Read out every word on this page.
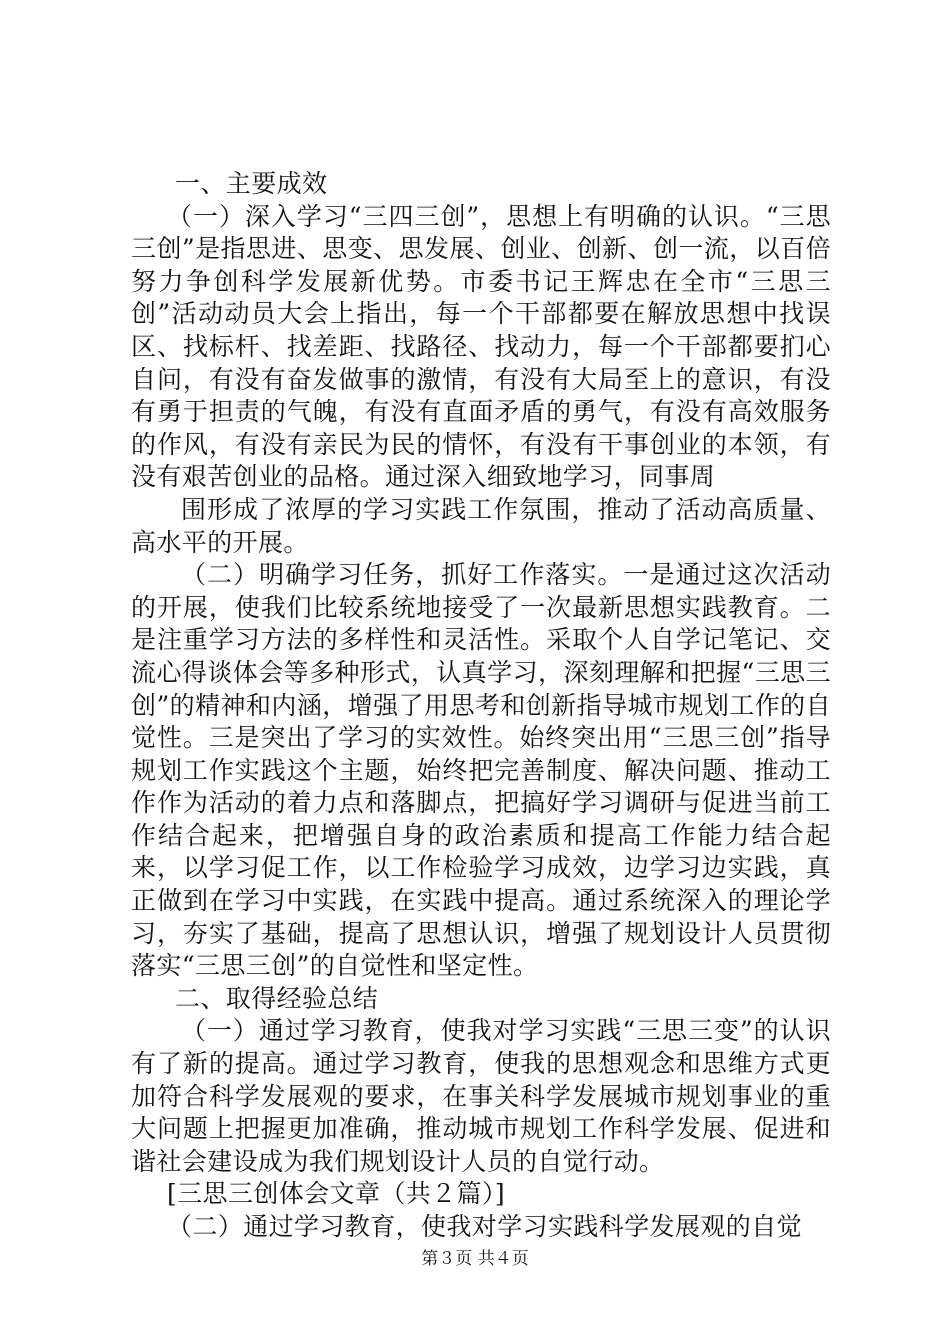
一、主要成效

（一）深入学习“三四三创”，思想上有明确的认识。“三思三创”是指思进、思变、思发展、创业、创新、创一流，以百倍努力争创科学发展新优势。市委书记王辉忠在全市“三思三创”活动动员大会上指出，每一个干部都要在解放思想中找误区、找标杆、找差距、找路径、找动力，每一个干部都要扪心自问，有没有奋发做事的激情，有没有大局至上的意识，有没有勇于担责的气魄，有没有直面矛盾的勇气，有没有高效服务的作风，有没有亲民为民的情怀，有没有干事创业的本领，有没有艰苦创业的品格。通过深入细致地学习，同事周

围形成了浓厚的学习实践工作氛围，推动了活动高质量、高水平的开展。

（二）明确学习任务，抓好工作落实。一是通过这次活动的开展，使我们比较系统地接受了一次最新思想实践教育。二是注重学习方法的多样性和灵活性。采取个人自学记笔记、交流心得谈体会等多种形式，认真学习，深刻理解和把握“三思三创”的精神和内涵，增强了用思考和创新指导城市规划工作的自觉性。三是突出了学习的实效性。始终突出用“三思三创”指导规划工作实践这个主题，始终把完善制度、解决问题、推动工作作为活动的着力点和落脚点，把搞好学习调研与促进当前工作结合起来，把增强自身的政治素质和提高工作能力结合起来，以学习促工作，以工作检验学习成效，边学习边实践，真正做到在学习中实践，在实践中提高。通过系统深入的理论学习，夯实了基础，提高了思想认识，增强了规划设计人员贯彻落实“三思三创”的自觉性和坚定性。

二、取得经验总结

（一）通过学习教育，使我对学习实践“三思三变”的认识有了新的提高。通过学习教育，使我的思想观念和思维方式更加符合科学发展观的要求，在事关科学发展城市规划事业的重大问题上把握更加准确，推动城市规划工作科学发展、促进和谐社会建设成为我们规划设计人员的自觉行动。

[三思三创体会文章（共２篇）]

（二）通过学习教育，使我对学习实践科学发展观的自觉

第３页 共４页
